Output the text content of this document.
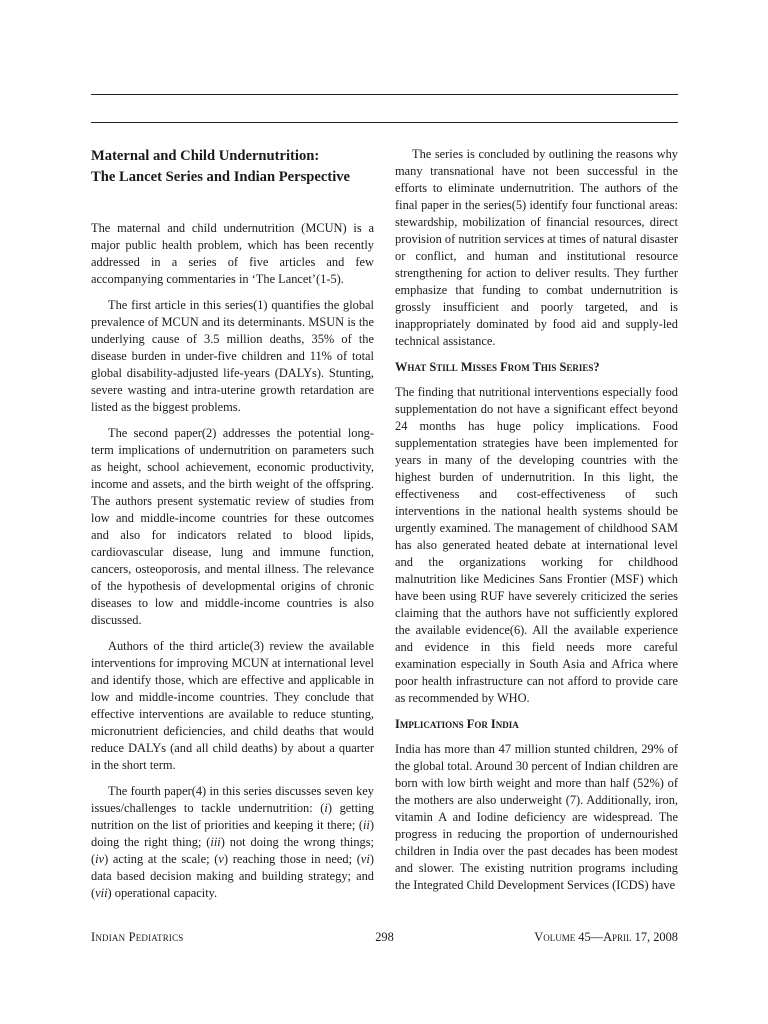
Maternal and Child Undernutrition:
The Lancet Series and Indian Perspective

The maternal and child undernutrition (MCUN) is a major public health problem, which has been recently addressed in a series of five articles and few accompanying commentaries in ‘The Lancet’(1-5).

The first article in this series(1) quantifies the global prevalence of MCUN and its determinants. MSUN is the underlying cause of 3.5 million deaths, 35% of the disease burden in under-five children and 11% of total global disability-adjusted life-years (DALYs). Stunting, severe wasting and intra-uterine growth retardation are listed as the biggest problems.

The second paper(2) addresses the potential long-term implications of undernutrition on parameters such as height, school achievement, economic productivity, income and assets, and the birth weight of the offspring. The authors present systematic review of studies from low and middle-income countries for these outcomes and also for indicators related to blood lipids, cardiovascular disease, lung and immune function, cancers, osteoporosis, and mental illness. The relevance of the hypothesis of developmental origins of chronic diseases to low and middle-income countries is also discussed.

Authors of the third article(3) review the available interventions for improving MCUN at international level and identify those, which are effective and applicable in low and middle-income countries. They conclude that effective interventions are available to reduce stunting, micronutrient deficiencies, and child deaths that would reduce DALYs (and all child deaths) by about a quarter in the short term.

The fourth paper(4) in this series discusses seven key issues/challenges to tackle undernutrition: (i) getting nutrition on the list of priorities and keeping it there; (ii) doing the right thing; (iii) not doing the wrong things; (iv) acting at the scale; (v) reaching those in need; (vi) data based decision making and building strategy; and (vii) operational capacity.

The series is concluded by outlining the reasons why many transnational have not been successful in the efforts to eliminate undernutrition. The authors of the final paper in the series(5) identify four functional areas: stewardship, mobilization of financial resources, direct provision of nutrition services at times of natural disaster or conflict, and human and institutional resource strengthening for action to deliver results. They further emphasize that funding to combat undernutrition is grossly insufficient and poorly targeted, and is inappropriately dominated by food aid and supply-led technical assistance.

What Still Misses From This Series?

The finding that nutritional interventions especially food supplementation do not have a significant effect beyond 24 months has huge policy implications. Food supplementation strategies have been implemented for years in many of the developing countries with the highest burden of undernutrition. In this light, the effectiveness and cost-effectiveness of such interventions in the national health systems should be urgently examined. The management of childhood SAM has also generated heated debate at international level and the organizations working for childhood malnutrition like Medicines Sans Frontier (MSF) which have been using RUF have severely criticized the series claiming that the authors have not sufficiently explored the available evidence(6). All the available experience and evidence in this field needs more careful examination especially in South Asia and Africa where poor health infrastructure can not afford to provide care as recommended by WHO.

Implications For India

India has more than 47 million stunted children, 29% of the global total. Around 30 percent of Indian children are born with low birth weight and more than half (52%) of the mothers are also underweight (7). Additionally, iron, vitamin A and Iodine deficiency are widespread. The progress in reducing the proportion of undernourished children in India over the past decades has been modest and slower. The existing nutrition programs including the Integrated Child Development Services (ICDS) have

Indian Pediatrics	298	Volume 45—April 17, 2008
